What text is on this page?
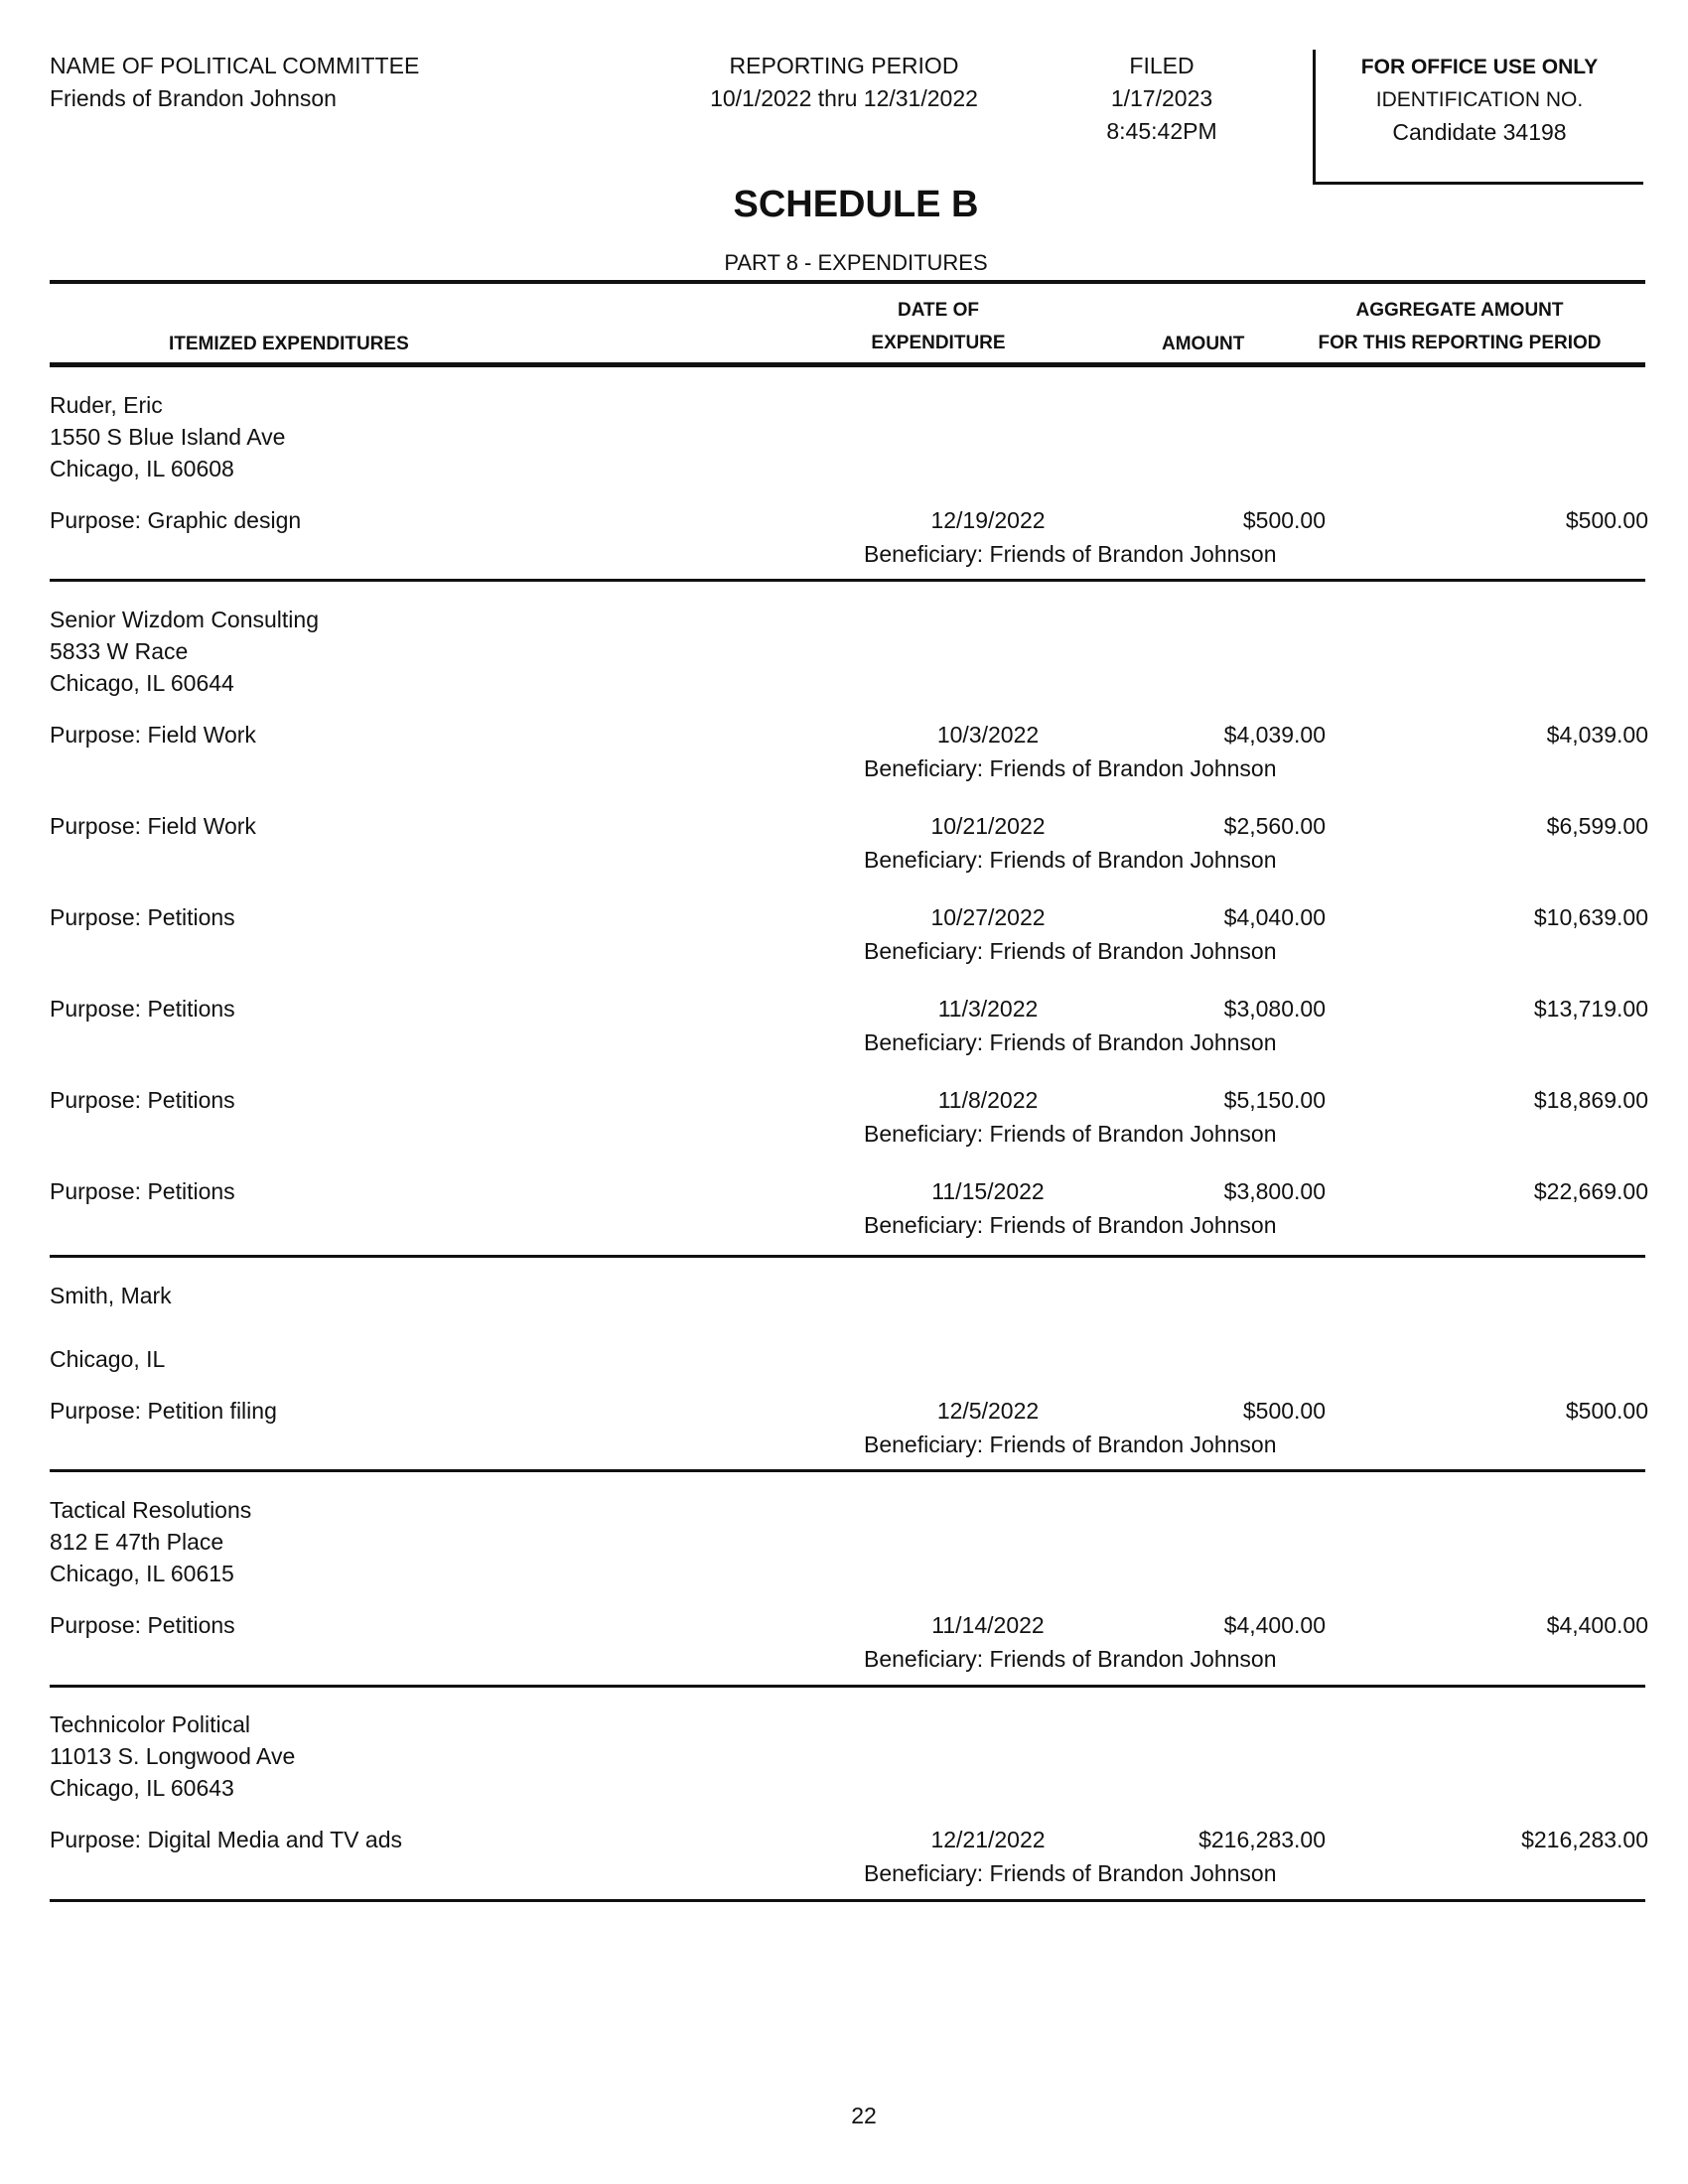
NAME OF POLITICAL COMMITTEE
Friends of Brandon Johnson
REPORTING PERIOD
10/1/2022 thru 12/31/2022
FILED
1/17/2023
8:45:42PM
FOR OFFICE USE ONLY
IDENTIFICATION NO.
Candidate 34198
SCHEDULE B
PART 8 - EXPENDITURES
ITEMIZED EXPENDITURES
DATE OF
EXPENDITURE	AMOUNT
AGGREGATE AMOUNT
FOR THIS REPORTING PERIOD
Ruder, Eric
1550 S Blue Island Ave
Chicago, IL 60608
Purpose: Graphic design	12/19/2022	$500.00	$500.00
Beneficiary: Friends of Brandon Johnson
Senior Wizdom Consulting
5833 W Race
Chicago, IL 60644
Purpose: Field Work	10/3/2022	$4,039.00	$4,039.00
Beneficiary: Friends of Brandon Johnson
Purpose: Field Work	10/21/2022	$2,560.00	$6,599.00
Beneficiary: Friends of Brandon Johnson
Purpose: Petitions	10/27/2022	$4,040.00	$10,639.00
Beneficiary: Friends of Brandon Johnson
Purpose: Petitions	11/3/2022	$3,080.00	$13,719.00
Beneficiary: Friends of Brandon Johnson
Purpose: Petitions	11/8/2022	$5,150.00	$18,869.00
Beneficiary: Friends of Brandon Johnson
Purpose: Petitions	11/15/2022	$3,800.00	$22,669.00
Beneficiary: Friends of Brandon Johnson
Smith, Mark
Chicago, IL
Purpose: Petition filing	12/5/2022	$500.00	$500.00
Beneficiary: Friends of Brandon Johnson
Tactical Resolutions
812 E 47th Place
Chicago, IL 60615
Purpose: Petitions	11/14/2022	$4,400.00	$4,400.00
Beneficiary: Friends of Brandon Johnson
Technicolor Political
11013 S. Longwood Ave
Chicago, IL 60643
Purpose: Digital Media and TV ads	12/21/2022	$216,283.00	$216,283.00
Beneficiary: Friends of Brandon Johnson
22
